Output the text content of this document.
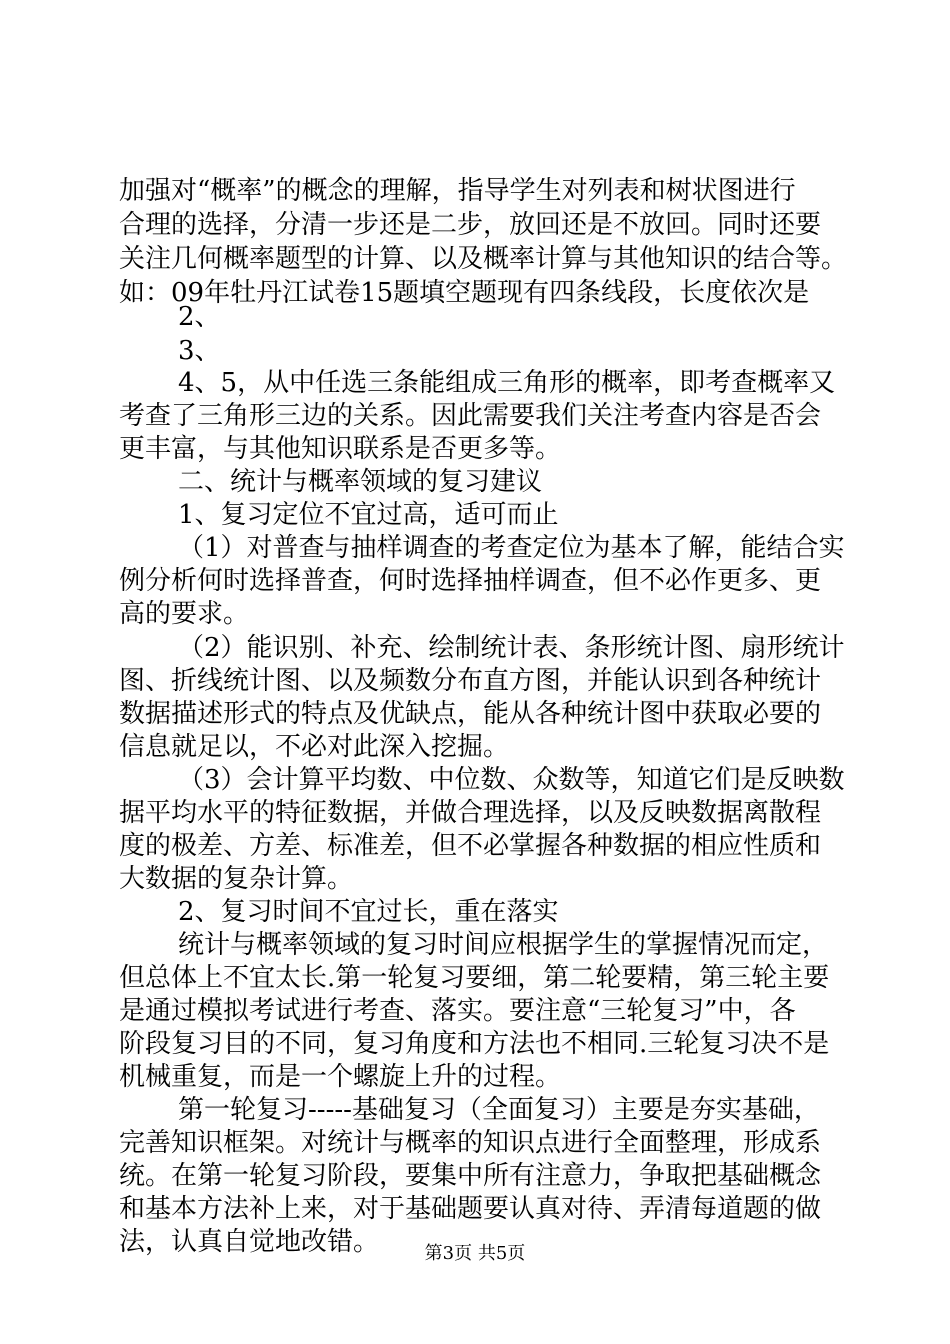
加强对“概率”的概念的理解，指导学生对列表和树状图进行
合理的选择，分清一步还是二步，放回还是不放回。同时还要
关注几何概率题型的计算、以及概率计算与其他知识的结合等。
如：09年牡丹江试卷15题填空题现有四条线段，长度依次是
2、
3、
4、5，从中任选三条能组成三角形的概率，即考查概率又
考查了三角形三边的关系。因此需要我们关注考查内容是否会
更丰富，与其他知识联系是否更多等。
二、统计与概率领域的复习建议
1、复习定位不宜过高，适可而止
（1）对普查与抽样调查的考查定位为基本了解，能结合实
例分析何时选择普查，何时选择抽样调查，但不必作更多、更
高的要求。
（2）能识别、补充、绘制统计表、条形统计图、扇形统计
图、折线统计图、以及频数分布直方图，并能认识到各种统计
数据描述形式的特点及优缺点，能从各种统计图中获取必要的
信息就足以，不必对此深入挖掘。
（3）会计算平均数、中位数、众数等，知道它们是反映数
据平均水平的特征数据，并做合理选择，以及反映数据离散程
度的极差、方差、标准差，但不必掌握各种数据的相应性质和
大数据的复杂计算。
2、复习时间不宜过长，重在落实
统计与概率领域的复习时间应根据学生的掌握情况而定，
但总体上不宜太长.第一轮复习要细，第二轮要精，第三轮主要
是通过模拟考试进行考查、落实。要注意“三轮复习”中，各
阶段复习目的不同，复习角度和方法也不相同.三轮复习决不是
机械重复，而是一个螺旋上升的过程。
第一轮复习-----基础复习（全面复习）主要是夯实基础，
完善知识框架。对统计与概率的知识点进行全面整理，形成系
统。在第一轮复习阶段，要集中所有注意力，争取把基础概念
和基本方法补上来，对于基础题要认真对待、弄清每道题的做
法，认真自觉地改错。	第3页 共5页
